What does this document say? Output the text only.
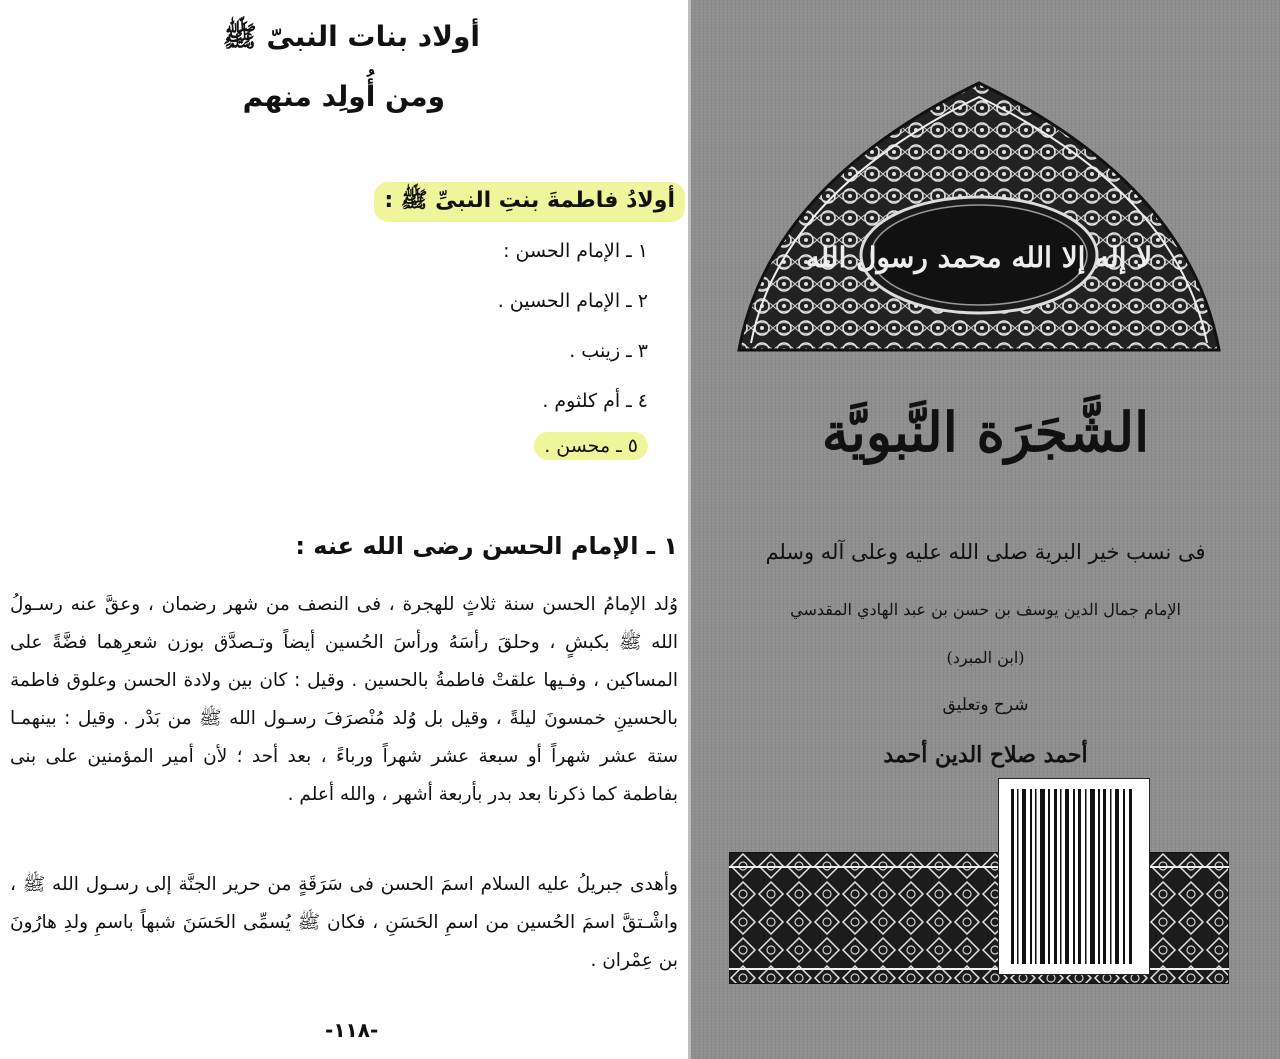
أولاد بنات النبىّ ﷺ
ومن أُولِد منهم
أولادُ فاطمةَ بنتِ النبىِّ ﷺ :
١ ـ الإمام الحسن :
٢ ـ الإمام الحسين .
٣ ـ زينب .
٤ ـ أم كلثوم .
٥ ـ محسن .
١ ـ الإمام الحسن رضى الله عنه :
وُلد الإمامُ الحسن سنة ثلاثٍ للهجرة ، فى النصف من شهر رضمان ، وعقَّ عنه رسـولُ الله ﷺ بكبشٍ ، وحلقَ رأسَهُ ورأسَ الحُسين أيضاً وتـصدَّق بوزن شعرِهما فضَّةً على المساكين ، وفـيها علقتْ فاطمةُ بالحسين . وقيل : كان بين ولادة الحسن وعلوق فاطمة بالحسينِ خمسونَ ليلةً ، وقيل بل وُلد مُنْصرَفَ رسـول الله ﷺ من بَدْر . وقيل : بينهمـا ستة عشر شهراً أو سبعة عشر شهراً ورباءً ، بعد أحد ؛ لأن أمير المؤمنين على بنى بفاطمة كما ذكرنا بعد بدر بأربعة أشهر ، والله أعلم .
وأهدى جبريلُ عليه السلام اسمَ الحسن فى سَرَقَةٍ من حرير الجنَّة إلى رسـول الله ﷺ ، واشْـتقَّ اسمَ الحُسين من اسمِ الحَسَنِ ، فكان ﷺ يُسمِّى الحَسَنَ شبهاً باسمِ ولدِ هارُونَ بن عِمْران .
-١١٨-
لا إله إلا الله محمد رسول الله
الشَّجَرَة النَّبويَّة
فى نسب خير البرية صلى الله عليه وعلى آله وسلم
الإمام جمال الدين يوسف بن حسن بن عبد الهادي المقدسي
(ابن المبرد)
شرح وتعليق
أحمد صلاح الدين أحمد
